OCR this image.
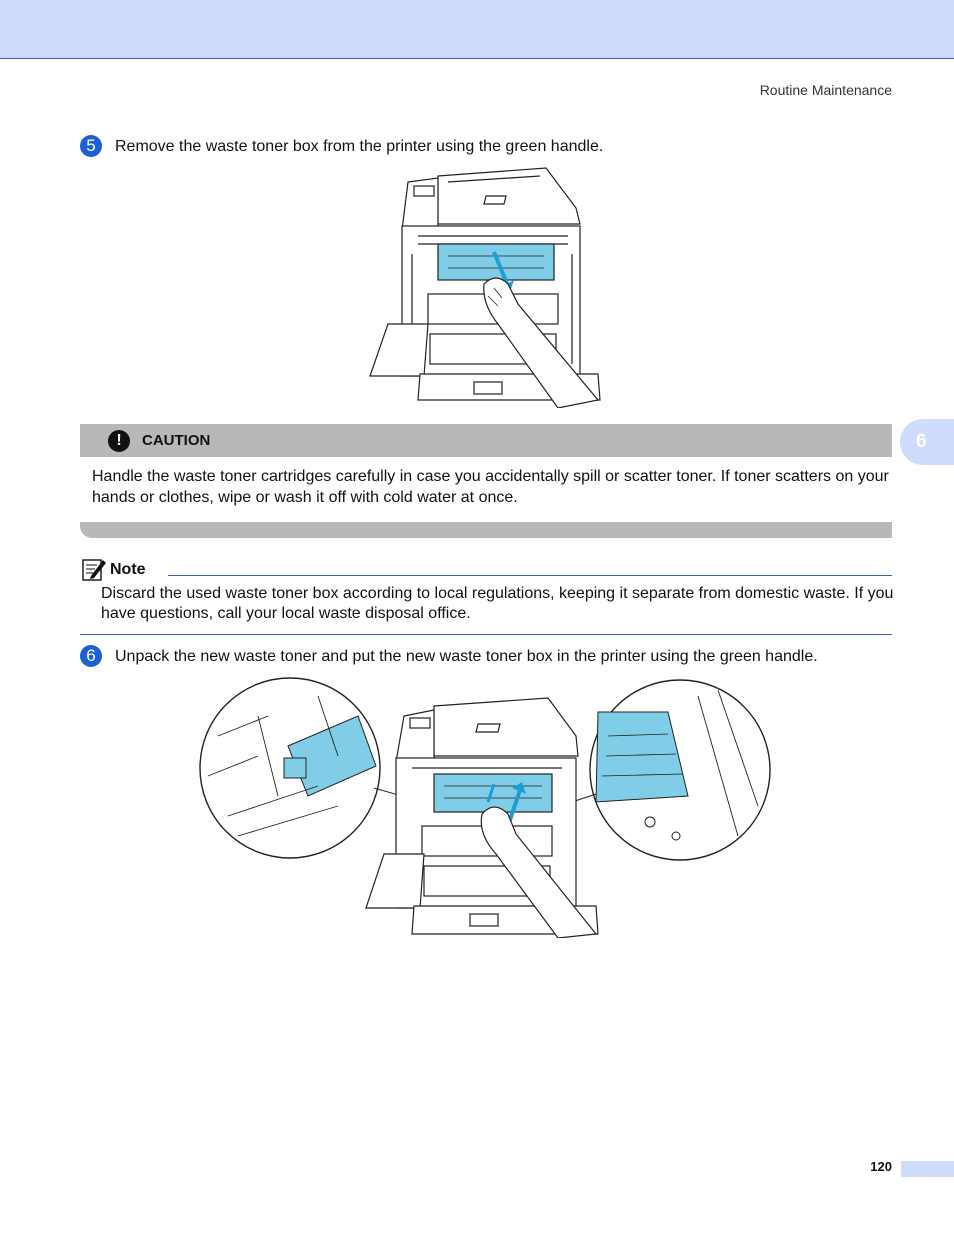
Routine Maintenance
5	Remove the waste toner box from the printer using the green handle.
6
!	CAUTION
Handle the waste toner cartridges carefully in case you accidentally spill or scatter toner. If toner scatters on your hands or clothes, wipe or wash it off with cold water at once.
Note
Discard the used waste toner box according to local regulations, keeping it separate from domestic waste. If you have questions, call your local waste disposal office.
6	Unpack the new waste toner and put the new waste toner box in the printer using the green handle.
120
